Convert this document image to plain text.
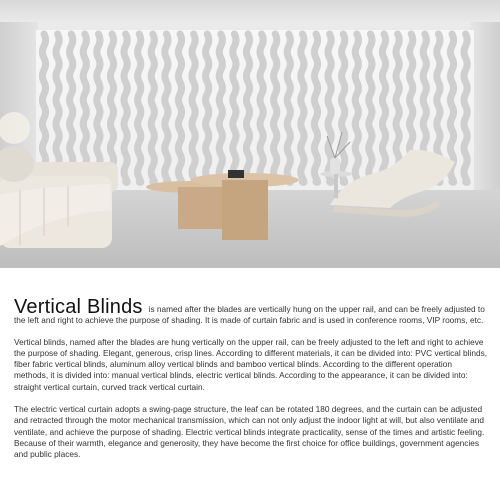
Vertical Blinds is named after the blades are vertically hung on the upper rail, and can be freely adjusted to the left and right to achieve the purpose of shading. It is made of curtain fabric and is used in conference rooms, VIP rooms, etc.

Vertical blinds, named after the blades are hung vertically on the upper rail, can be freely adjusted to the left and right to achieve the purpose of shading. Elegant, generous, crisp lines. According to different materials, it can be divided into: PVC vertical blinds, fiber fabric vertical blinds, aluminum alloy vertical blinds and bamboo vertical blinds. According to the different operation methods, it is divided into: manual vertical blinds, electric vertical blinds. According to the appearance, it can be divided into: straight vertical curtain, curved track vertical curtain.

The electric vertical curtain adopts a swing-page structure, the leaf can be rotated 180 degrees, and the curtain can be adjusted and retracted through the motor mechanical transmission, which can not only adjust the indoor light at will, but also ventilate and ventilate, and achieve the purpose of shading. Electric vertical blinds integrate practicality, sense of the times and artistic feeling. Because of their warmth, elegance and generosity, they have become the first choice for office buildings, government agencies and public places.
